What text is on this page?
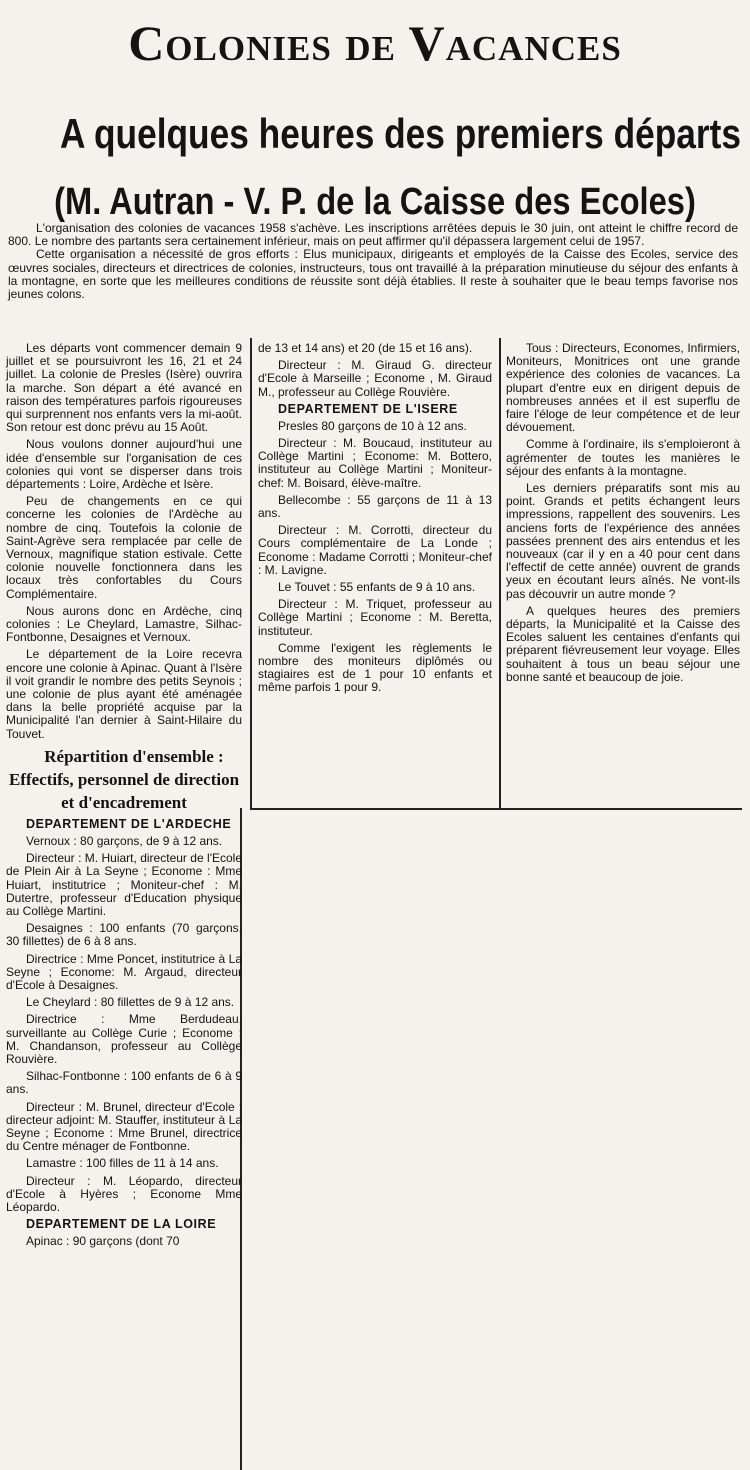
Colonies de Vacances
A quelques heures des premiers départs
(M. Autran - V. P. de la Caisse des Ecoles)

L'organisation des colonies de vacances 1958 s'achève. Les inscriptions arrêtées depuis le 30 juin, ont atteint le chiffre record de 800. Le nombre des partants sera certainement inférieur, mais on peut affirmer qu'il dépassera largement celui de 1957.

Cette organisation a nécessité de gros efforts : Elus municipaux, dirigeants et employés de la Caisse des Ecoles, service des œuvres sociales, directeurs et directrices de colonies, instructeurs, tous ont travaillé à la préparation minutieuse du séjour des enfants à la montagne, en sorte que les meilleures conditions de réussite sont déjà établies. Il reste à souhaiter que le beau temps favorise nos jeunes colons.

Les départs vont commencer demain 9 juillet et se poursuivront les 16, 21 et 24 juillet. La colonie de Presles (Isère) ouvrira la marche. Son départ a été avancé en raison des températures parfois rigoureuses qui surprennent nos enfants vers la mi-août. Son retour est donc prévu au 15 Août.

Nous voulons donner aujourd'hui une idée d'ensemble sur l'organisation de ces colonies qui vont se disperser dans trois départements : Loire, Ardèche et Isère.

Peu de changements en ce qui concerne les colonies de l'Ardèche au nombre de cinq. Toutefois la colonie de Saint-Agrève sera remplacée par celle de Vernoux, magnifique station estivale. Cette colonie nouvelle fonctionnera dans les locaux très confortables du Cours Complémentaire.

Nous aurons donc en Ardèche, cinq colonies : Le Cheylard, Lamastre, Silhac-Fontbonne, Desaignes et Vernoux.

Le département de la Loire recevra encore une colonie à Apinac. Quant à l'Isère il voit grandir le nombre des petits Seynois ; une colonie de plus ayant été aménagée dans la belle propriété acquise par la Municipalité l'an dernier à Saint-Hilaire du Touvet.

Répartition d'ensemble : Effectifs, personnel de direction et d'encadrement

DEPARTEMENT DE L'ARDECHE

Vernoux : 80 garçons, de 9 à 12 ans.

Directeur : M. Huiart, directeur de l'Ecole de Plein Air à La Seyne ; Econome : Mme Huiart, institutrice ; Moniteur-chef : M. Dutertre, professeur d'Education physique au Collège Martini.

Desaignes : 100 enfants (70 garçons, 30 fillettes) de 6 à 8 ans.

Directrice : Mme Poncet, institutrice à La Seyne ; Econome: M. Argaud, directeur d'Ecole à Desaignes.

Le Cheylard : 80 fillettes de 9 à 12 ans.

Directrice : Mme Berdudeau, surveillante au Collège Curie ; Econome : M. Chandanson, professeur au Collège Rouvière.

Silhac-Fontbonne : 100 enfants de 6 à 9 ans.

Directeur : M. Brunel, directeur d'Ecole ; directeur adjoint: M. Stauffer, instituteur à La Seyne ; Econome : Mme Brunel, directrice du Centre ménager de Fontbonne.

Lamastre : 100 filles de 11 à 14 ans.

Directeur : M. Léopardo, directeur d'Ecole à Hyères ; Econome Mme Léopardo.

DEPARTEMENT DE LA LOIRE

Apinac : 90 garçons (dont 70

de 13 et 14 ans) et 20 (de 15 et 16 ans).

Directeur : M. Giraud G. directeur d'Ecole à Marseille ; Econome , M. Giraud M., professeur au Collège Rouvière.

DEPARTEMENT DE L'ISERE

Presles 80 garçons de 10 à 12 ans.

Directeur : M. Boucaud, instituteur au Collège Martini ; Econome: M. Bottero, instituteur au Collège Martini ; Moniteur-chef: M. Boisard, élève-maître.

Bellecombe : 55 garçons de 11 à 13 ans.

Directeur : M. Corrotti, directeur du Cours complémentaire de La Londe ; Econome : Madame Corrotti ; Moniteur-chef : M. Lavigne.

Le Touvet : 55 enfants de 9 à 10 ans.

Directeur : M. Triquet, professeur au Collège Martini ; Econome : M. Beretta, instituteur.

Comme l'exigent les règlements le nombre des moniteurs diplômés ou stagiaires est de 1 pour 10 enfants et même parfois 1 pour 9.

Tous : Directeurs, Economes, Infirmiers, Moniteurs, Monitrices ont une grande expérience des colonies de vacances. La plupart d'entre eux en dirigent depuis de nombreuses années et il est superflu de faire l'éloge de leur compétence et de leur dévouement.

Comme à l'ordinaire, ils s'emploieront à agrémenter de toutes les manières le séjour des enfants à la montagne.

Les derniers préparatifs sont mis au point. Grands et petits échangent leurs impressions, rappellent des souvenirs. Les anciens forts de l'expérience des années passées prennent des airs entendus et les nouveaux (car il y en a 40 pour cent dans l'effectif de cette année) ouvrent de grands yeux en écoutant leurs aînés. Ne vont-ils pas découvrir un autre monde ?

A quelques heures des premiers départs, la Municipalité et la Caisse des Ecoles saluent les centaines d'enfants qui préparent fiévreusement leur voyage. Elles souhaitent à tous un beau séjour une bonne santé et beaucoup de joie.
